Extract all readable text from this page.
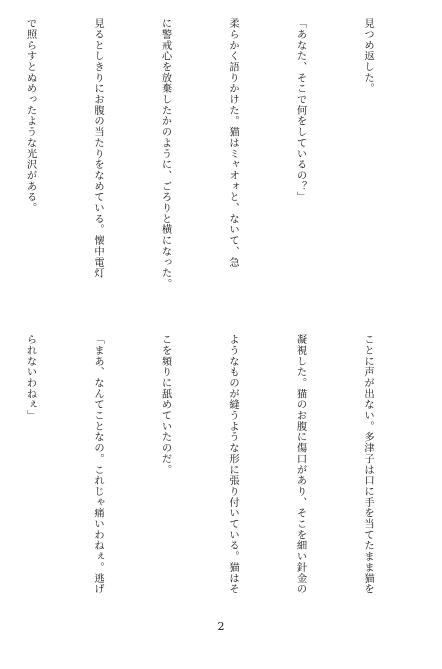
見つめ返した。

「あなた、そこで何をしているの？」

柔らかく語りかけた。猫はミャオォと、ないて、急

に警戒心を放棄したかのように、ごろりと横になった。

見るとしきりにお腹の当たりをなめている。懐中電灯

で照らすとぬめったような光沢がある。

ことに声が出ない。多津子は口に手を当てたまま猫を

凝視した。猫のお腹に傷口があり、そこを細い針金の

ようなものが縫うような形に張り付いている。猫はそ

こを頻りに舐めていたのだ。

「まあ、なんてことなの。これじゃ痛いわねぇ。逃げ

られないわねぇ」

2
